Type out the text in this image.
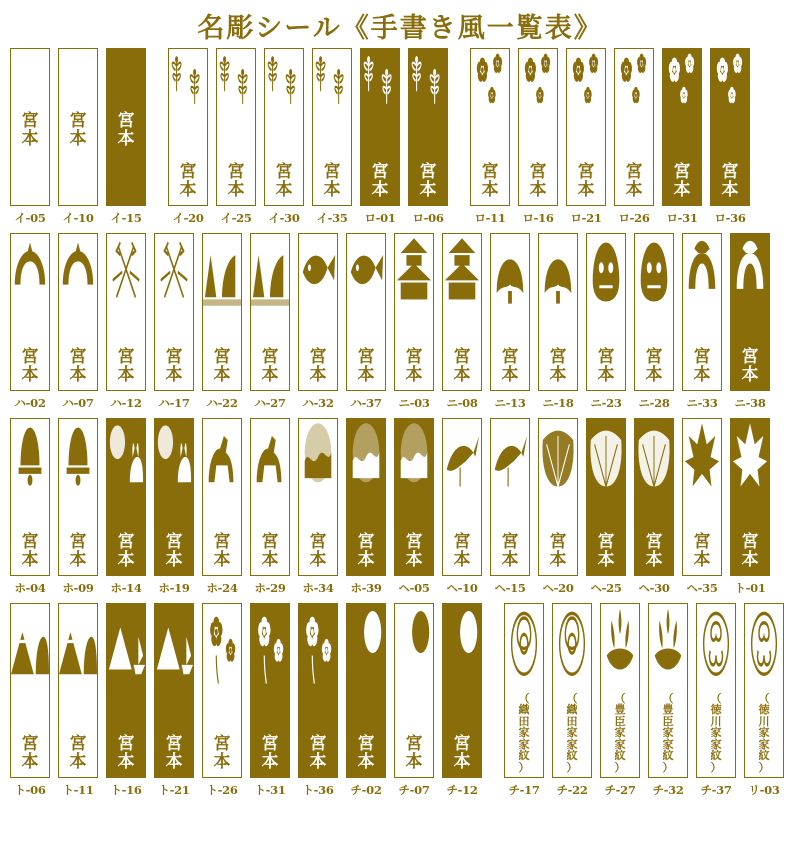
名彫シール《手書き風一覧表》
宮
本
イ-05
宮
本
イ-10
宮
本
イ-15
宮
本
イ-20
宮
本
イ-25
宮
本
イ-30
宮
本
イ-35
宮
本
ロ-01
宮
本
ロ-06
宮
本
ロ-11
宮
本
ロ-16
宮
本
ロ-21
宮
本
ロ-26
宮
本
ロ-31
宮
本
ロ-36
宮
本
ハ-02
宮
本
ハ-07
宮
本
ハ-12
宮
本
ハ-17
宮
本
ハ-22
宮
本
ハ-27
宮
本
ハ-32
宮
本
ハ-37
宮
本
ニ-03
宮
本
ニ-08
宮
本
ニ-13
宮
本
ニ-18
宮
本
ニ-23
宮
本
ニ-28
宮
本
ニ-33
宮
本
ニ-38
宮
本
ホ-04
宮
本
ホ-09
宮
本
ホ-14
宮
本
ホ-19
宮
本
ホ-24
宮
本
ホ-29
宮
本
ホ-34
宮
本
ホ-39
宮
本
ヘ-05
宮
本
ヘ-10
宮
本
ヘ-15
宮
本
ヘ-20
宮
本
ヘ-25
宮
本
ヘ-30
宮
本
ヘ-35
宮
本
ト-01
宮
本
ト-06
宮
本
ト-11
宮
本
ト-16
宮
本
ト-21
宮
本
ト-26
宮
本
ト-31
宮
本
ト-36
宮
本
チ-02
宮
本
チ-07
宮
本
チ-12
（
織
田
家
家
紋
）
チ-17
（
織
田
家
家
紋
）
チ-22
（
豊
臣
家
家
紋
）
チ-27
（
豊
臣
家
家
紋
）
チ-32
（
徳
川
家
家
紋
）
チ-37
（
徳
川
家
家
紋
）
リ-03
